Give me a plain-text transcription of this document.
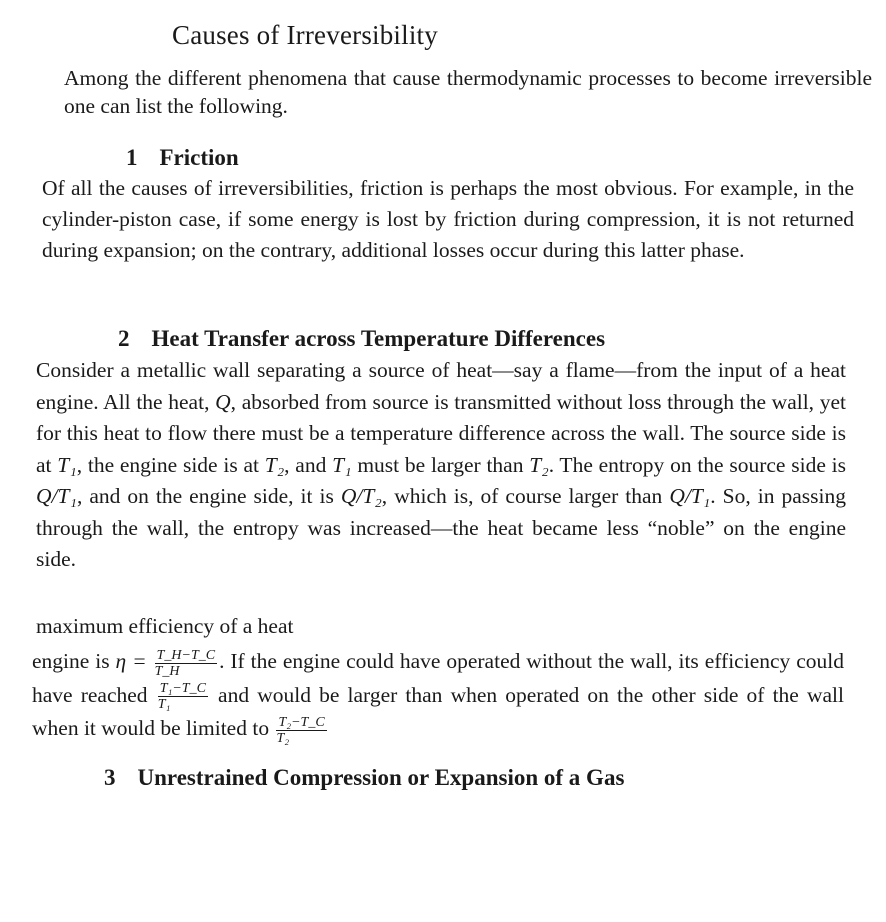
Causes of Irreversibility
Among the different phenomena that cause thermodynamic processes to become irreversible one can list the following.
1 Friction
Of all the causes of irreversibilities, friction is perhaps the most obvious. For example, in the cylinder-piston case, if some energy is lost by friction during compression, it is not returned during expansion; on the contrary, additional losses occur during this latter phase.
2 Heat Transfer across Temperature Differences
Consider a metallic wall separating a source of heat—say a flame—from the input of a heat engine. All the heat, Q, absorbed from source is transmitted without loss through the wall, yet for this heat to flow there must be a temperature difference across the wall. The source side is at T₁, the engine side is at T₂, and T₁ must be larger than T₂. The entropy on the source side is Q/T₁, and on the engine side, it is Q/T₂, which is, of course larger than Q/T₁. So, in passing through the wall, the entropy was increased—the heat became less “noble” on the engine side.
maximum efficiency of a heat
engine is $\eta = \frac{T\_H-T\_C}{T\_H}$ . If the engine could have operated without the wall, its efficiency could have reached $\frac{\text{T₁−T\_C}}{\text{T₁}}$ and would be larger than when operated on the other side of the wall when it would be limited to $\frac{\text{T₂−T\_C}}{\text{T₂}}$
3 Unrestrained Compression or Expansion of a Gas
